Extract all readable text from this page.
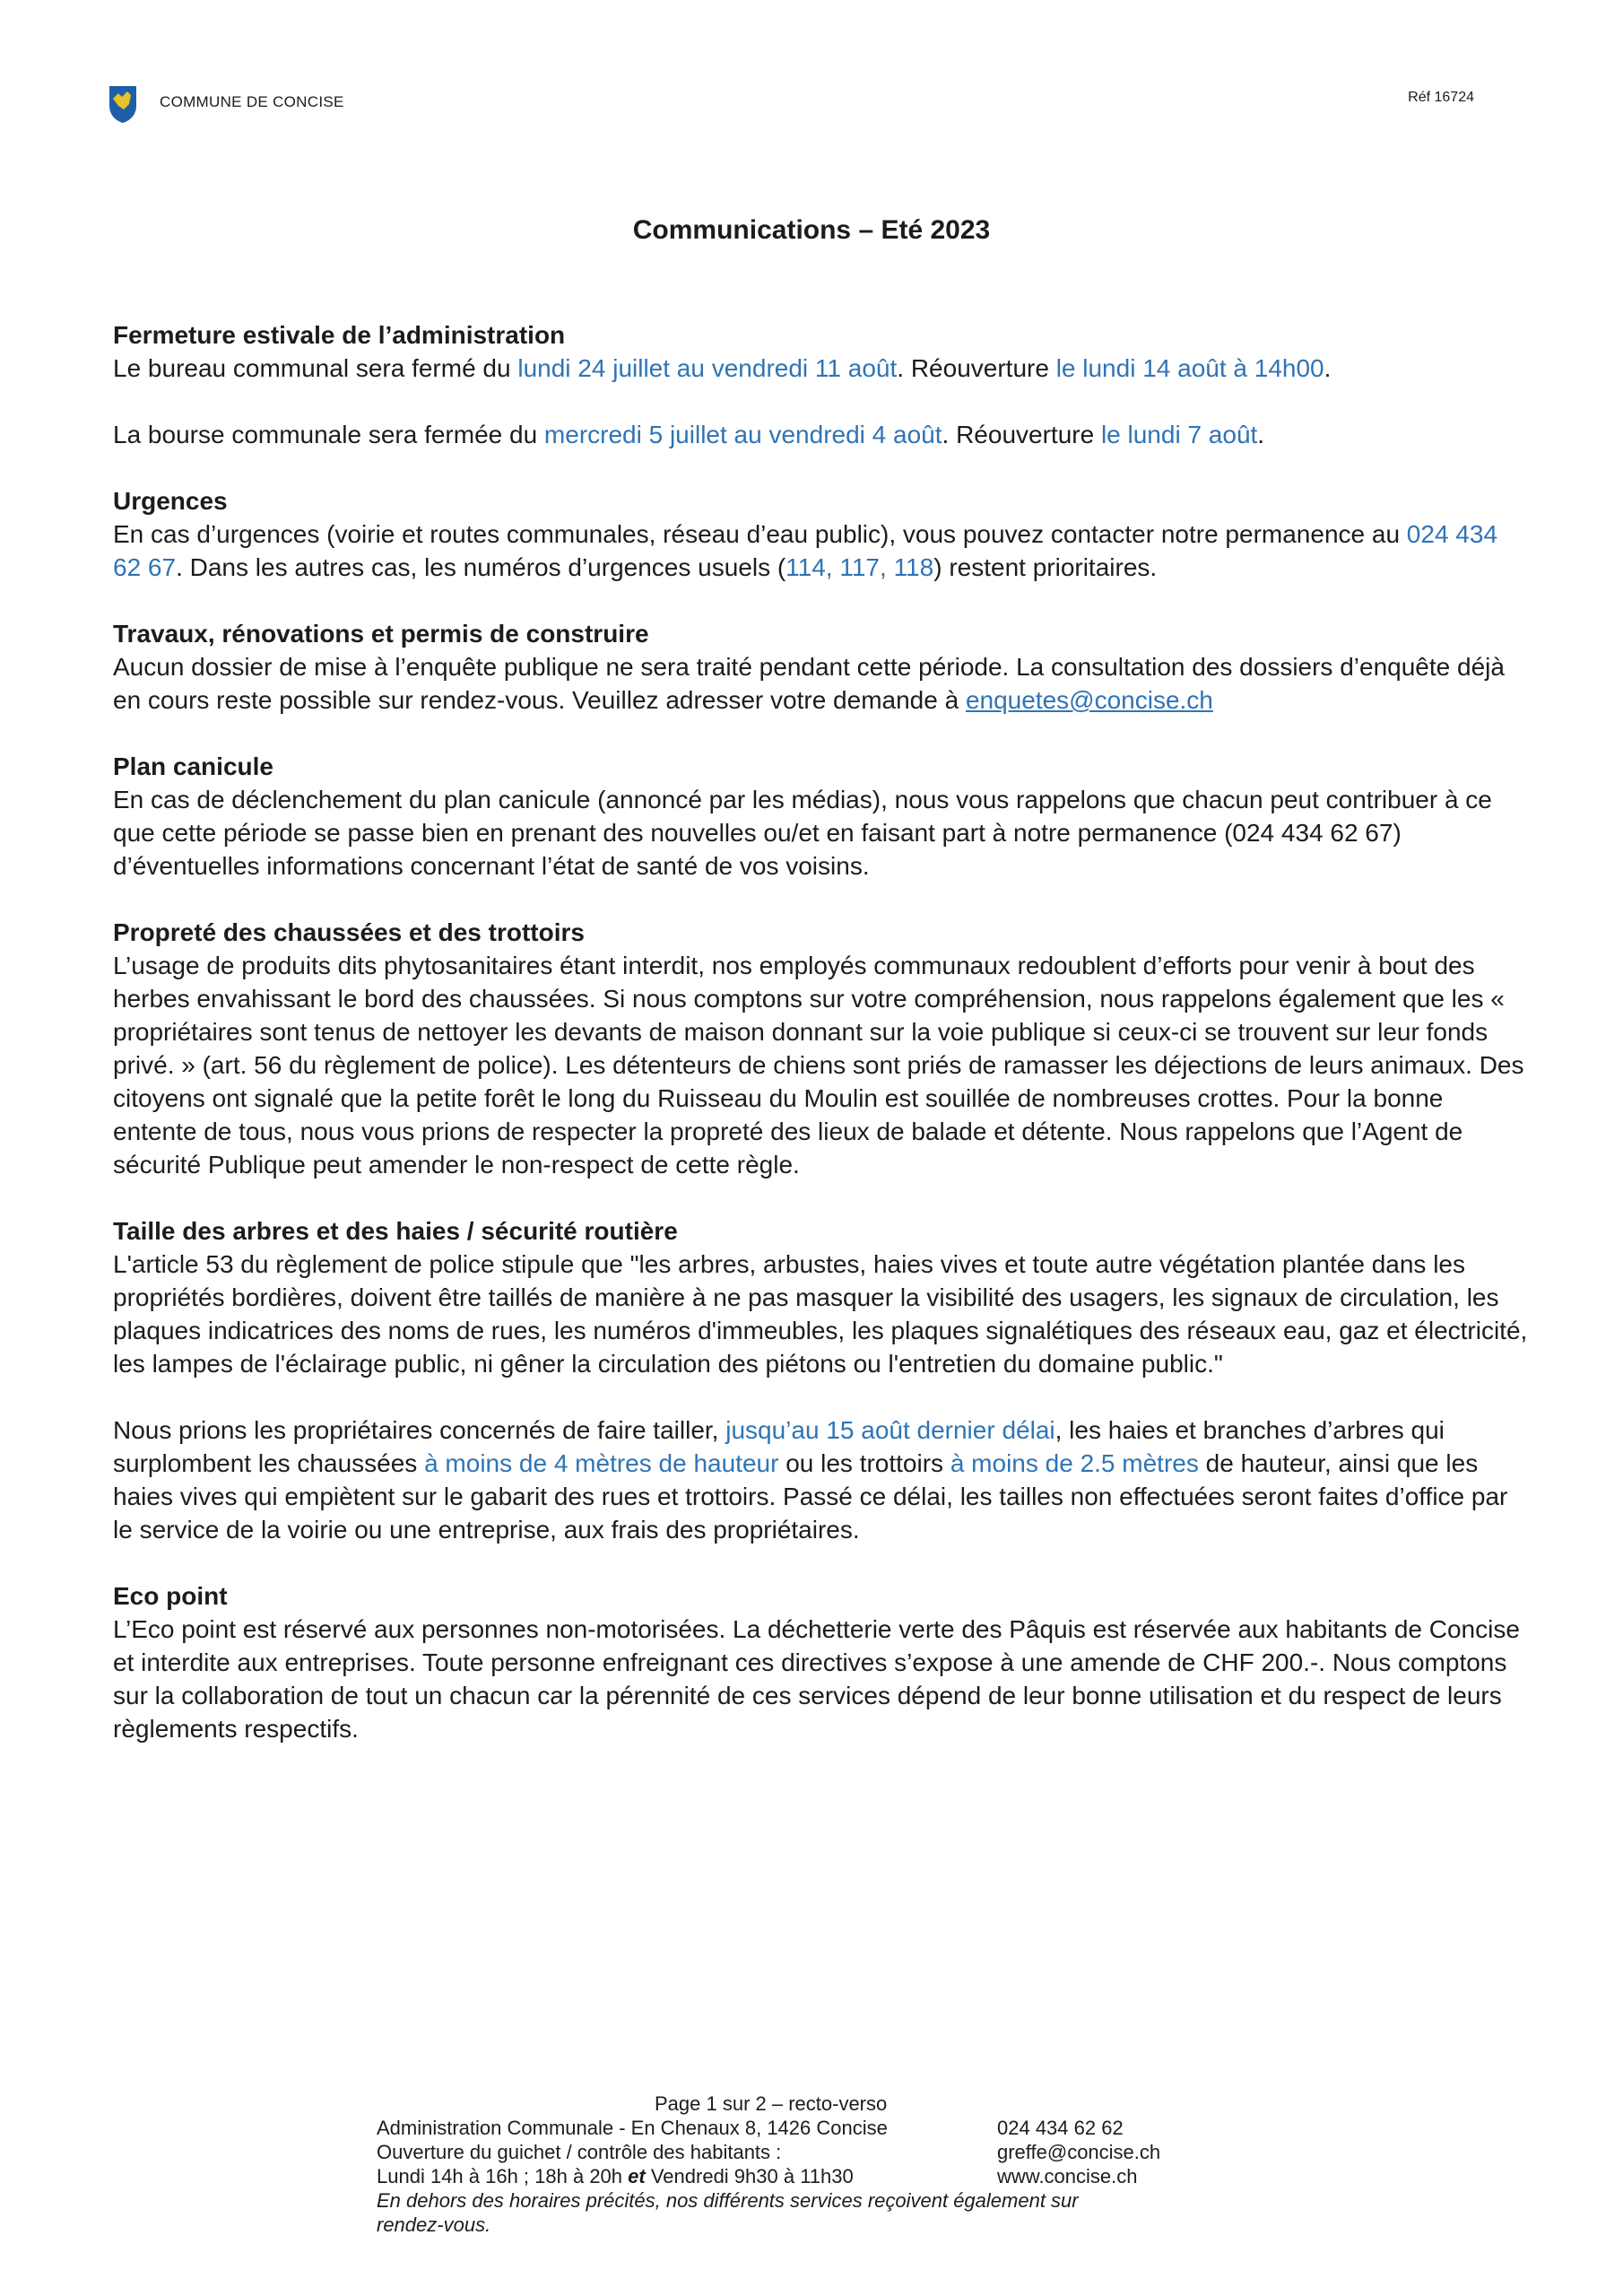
COMMUNE DE CONCISE	Réf 16724
Communications – Eté 2023
Fermeture estivale de l’administration

Le bureau communal sera fermé du lundi 24 juillet au vendredi 11 août. Réouverture le lundi 14 août à 14h00.

La bourse communale sera fermée du mercredi 5 juillet au vendredi 4 août. Réouverture le lundi 7 août.

Urgences

En cas d’urgences (voirie et routes communales, réseau d’eau public), vous pouvez contacter notre permanence au 024 434 62 67. Dans les autres cas, les numéros d’urgences usuels (114, 117, 118) restent prioritaires.

Travaux, rénovations et permis de construire

Aucun dossier de mise à l’enquête publique ne sera traité pendant cette période. La consultation des dossiers d’enquête déjà en cours reste possible sur rendez-vous. Veuillez adresser votre demande à enquetes@concise.ch

Plan canicule

En cas de déclenchement du plan canicule (annoncé par les médias), nous vous rappelons que chacun peut contribuer à ce que cette période se passe bien en prenant des nouvelles ou/et en faisant part à notre permanence (024 434 62 67) d’éventuelles informations concernant l’état de santé de vos voisins.

Propreté des chaussées et des trottoirs

L’usage de produits dits phytosanitaires étant interdit, nos employés communaux redoublent d’efforts pour venir à bout des herbes envahissant le bord des chaussées. Si nous comptons sur votre compréhension, nous rappelons également que les « propriétaires sont tenus de nettoyer les devants de maison donnant sur la voie publique si ceux-ci se trouvent sur leur fonds privé. » (art. 56 du règlement de police). Les détenteurs de chiens sont priés de ramasser les déjections de leurs animaux. Des citoyens ont signalé que la petite forêt le long du Ruisseau du Moulin est souillée de nombreuses crottes. Pour la bonne entente de tous, nous vous prions de respecter la propreté des lieux de balade et détente. Nous rappelons que l’Agent de sécurité Publique peut amender le non-respect de cette règle.

Taille des arbres et des haies / sécurité routière

L'article 53 du règlement de police stipule que "les arbres, arbustes, haies vives et toute autre végétation plantée dans les propriétés bordières, doivent être taillés de manière à ne pas masquer la visibilité des usagers, les signaux de circulation, les plaques indicatrices des noms de rues, les numéros d'immeubles, les plaques signalétiques des réseaux eau, gaz et électricité, les lampes de l'éclairage public, ni gêner la circulation des piétons ou l'entretien du domaine public."

Nous prions les propriétaires concernés de faire tailler, jusqu’au 15 août dernier délai, les haies et branches d’arbres qui surplombent les chaussées à moins de 4 mètres de hauteur ou les trottoirs à moins de 2.5 mètres de hauteur, ainsi que les haies vives qui empiètent sur le gabarit des rues et trottoirs. Passé ce délai, les tailles non effectuées seront faites d’office par le service de la voirie ou une entreprise, aux frais des propriétaires.

Eco point

L’Eco point est réservé aux personnes non-motorisées. La déchetterie verte des Pâquis est réservée aux habitants de Concise et interdite aux entreprises. Toute personne enfreignant ces directives s’expose à une amende de CHF 200.-. Nous comptons sur la collaboration de tout un chacun car la pérennité de ces services dépend de leur bonne utilisation et du respect de leurs règlements respectifs.

Page 1 sur 2 – recto-verso
Administration Communale - En Chenaux 8, 1426 Concise	024 434 62 62
Ouverture du guichet / contrôle des habitants :	greffe@concise.ch
Lundi 14h à 16h ; 18h à 20h et Vendredi 9h30 à 11h30	www.concise.ch
En dehors des horaires précités, nos différents services reçoivent également sur
rendez-vous.
